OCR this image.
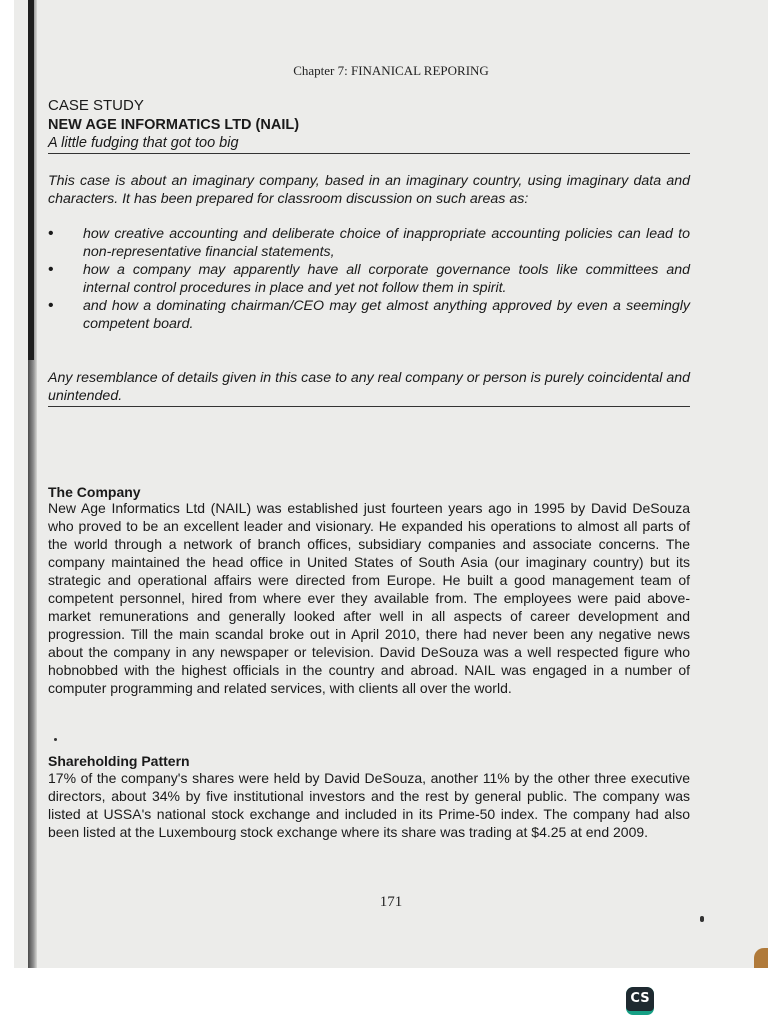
Chapter 7: FINANICAL REPORING
CASE STUDY
NEW AGE INFORMATICS LTD (NAIL)
A little fudging that got too big
This case is about an imaginary company, based in an imaginary country, using imaginary data and characters. It has been prepared for classroom discussion on such areas as:
• how creative accounting and deliberate choice of inappropriate accounting policies can lead to non-representative financial statements,
• how a company may apparently have all corporate governance tools like committees and internal control procedures in place and yet not follow them in spirit.
• and how a dominating chairman/CEO may get almost anything approved by even a seemingly competent board.
Any resemblance of details given in this case to any real company or person is purely coincidental and unintended.
The Company
New Age Informatics Ltd (NAIL) was established just fourteen years ago in 1995 by David DeSouza who proved to be an excellent leader and visionary. He expanded his operations to almost all parts of the world through a network of branch offices, subsidiary companies and associate concerns. The company maintained the head office in United States of South Asia (our imaginary country) but its strategic and operational affairs were directed from Europe. He built a good management team of competent personnel, hired from where ever they available from. The employees were paid above-market remunerations and generally looked after well in all aspects of career development and progression. Till the main scandal broke out in April 2010, there had never been any negative news about the company in any newspaper or television. David DeSouza was a well respected figure who hobnobbed with the highest officials in the country and abroad. NAIL was engaged in a number of computer programming and related services, with clients all over the world.
Shareholding Pattern
17% of the company's shares were held by David DeSouza, another 11% by the other three executive directors, about 34% by five institutional investors and the rest by general public. The company was listed at USSA's national stock exchange and included in its Prime-50 index. The company had also been listed at the Luxembourg stock exchange where its share was trading at $4.25 at end 2009.
171
CS
